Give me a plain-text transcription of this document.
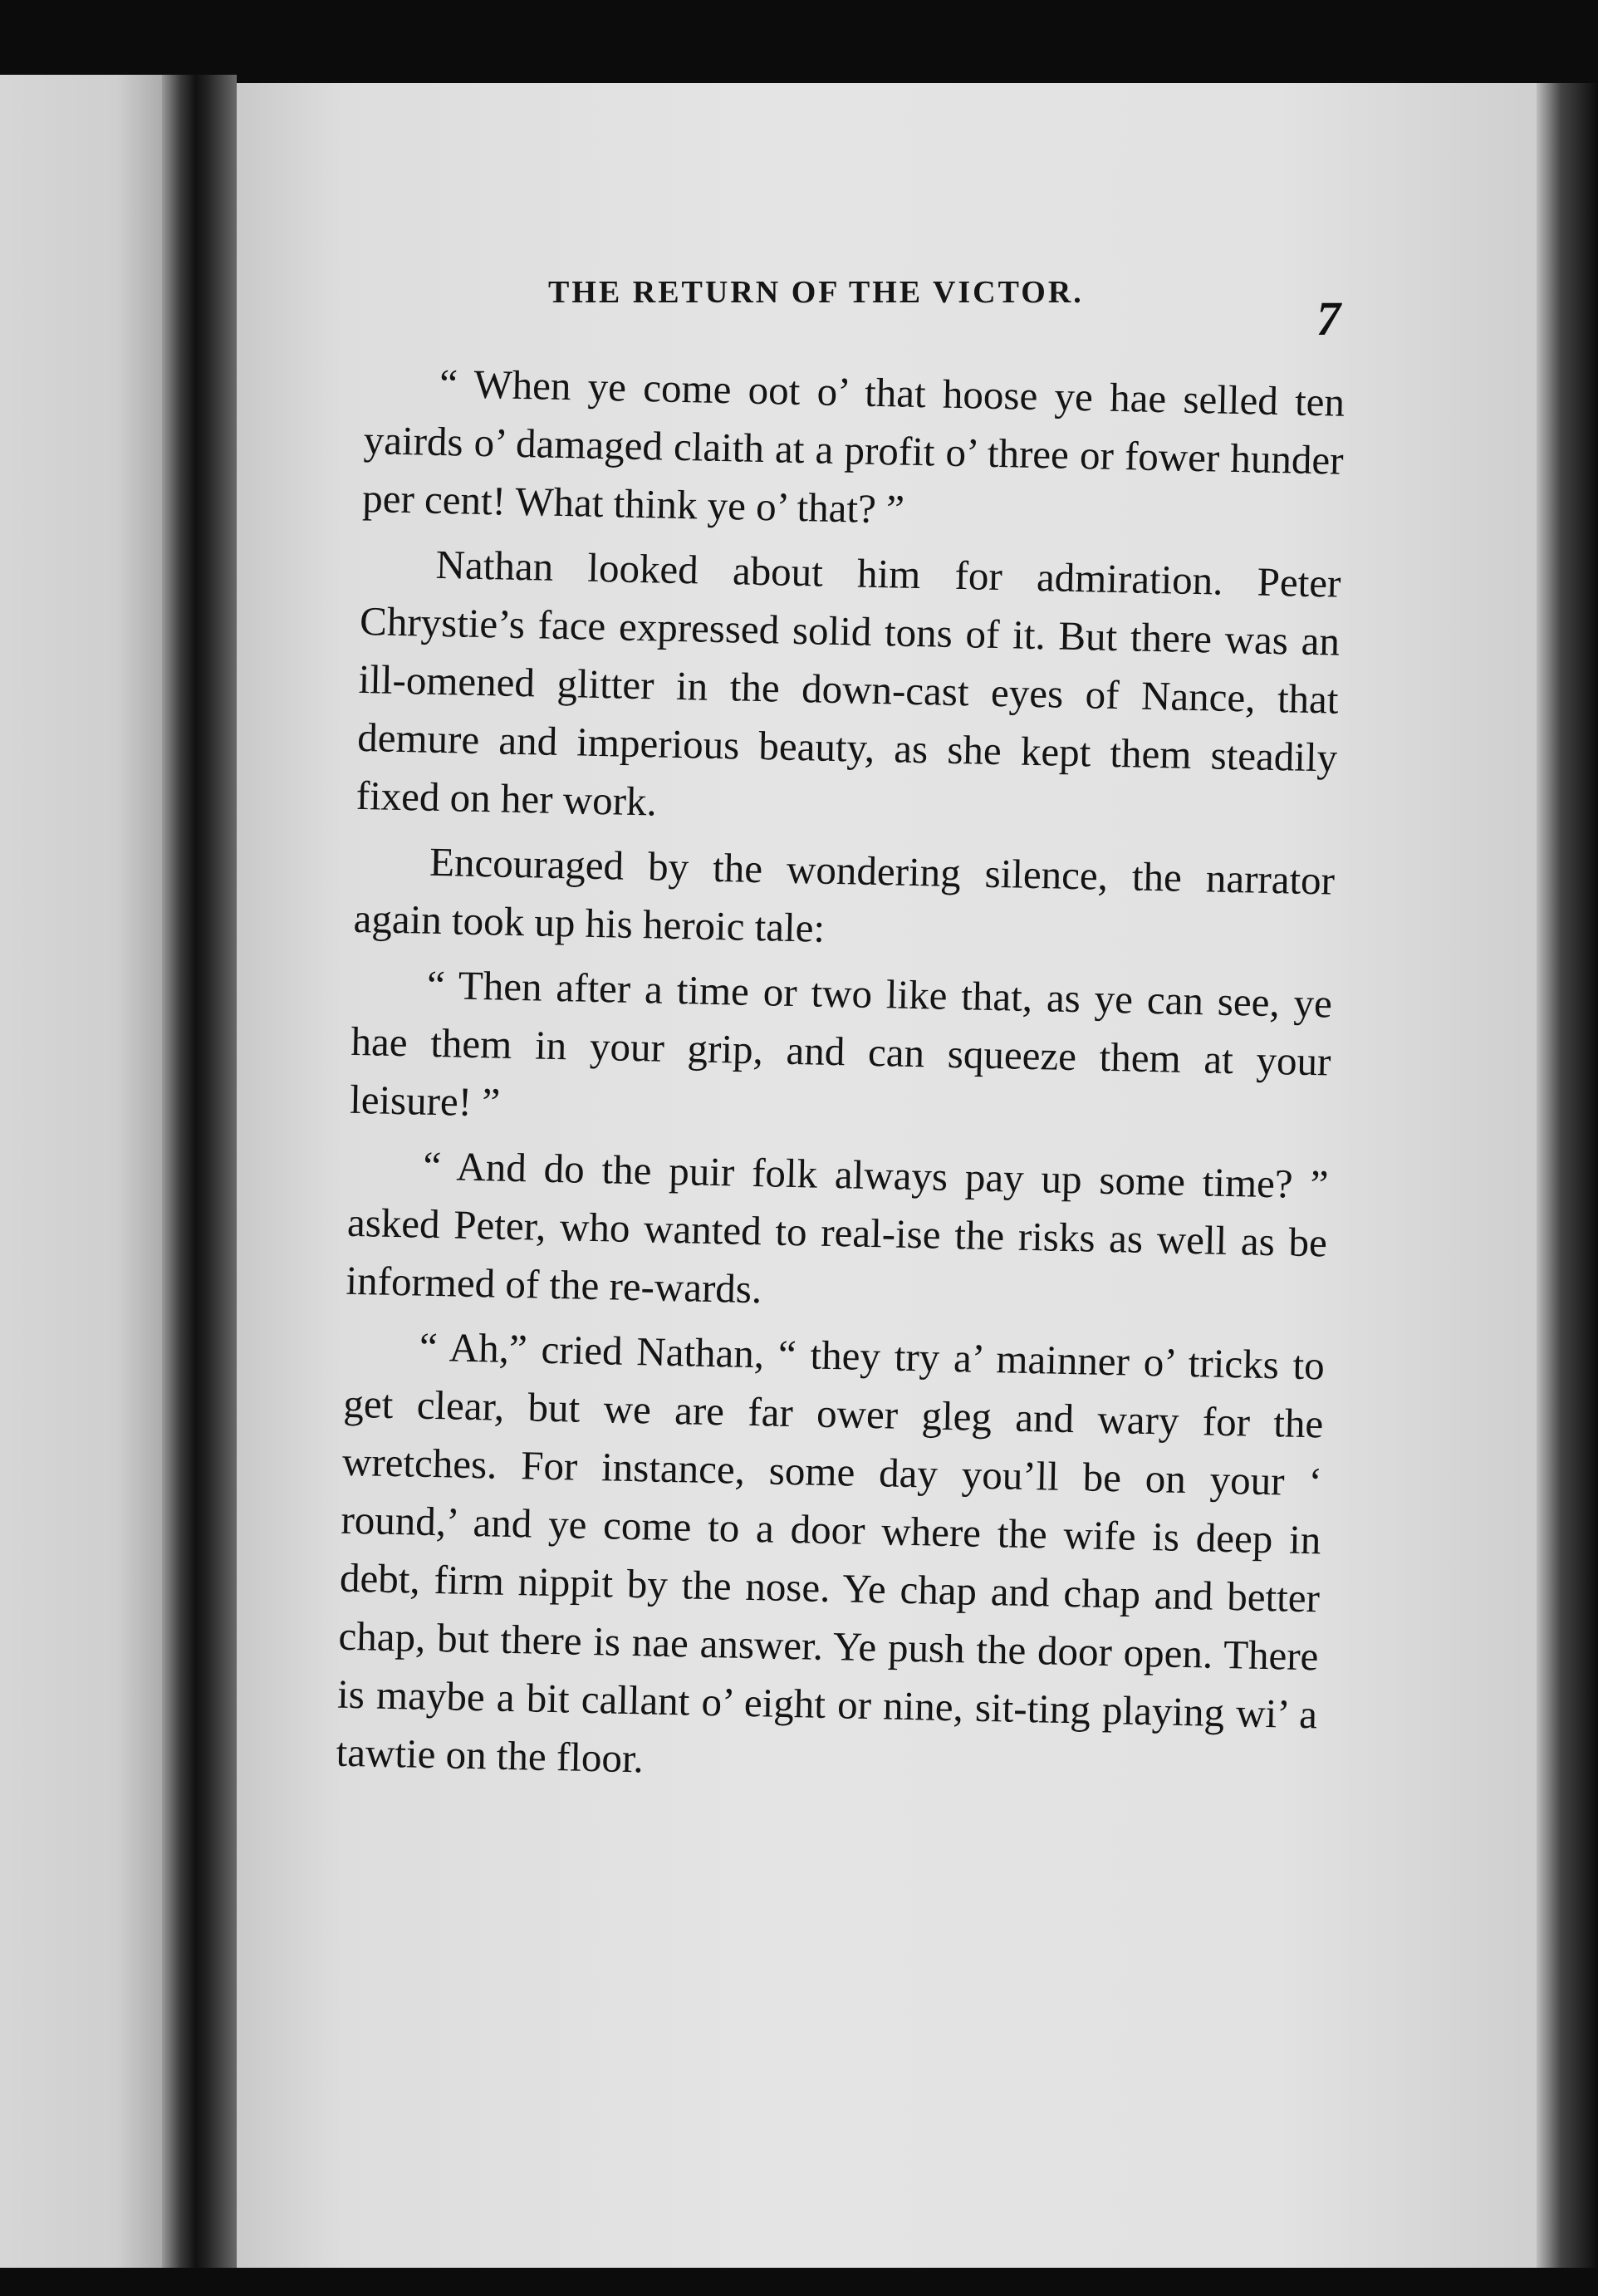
THE RETURN OF THE VICTOR.	7

“ When ye come oot o’ that hoose ye hae selled ten yairds o’ damaged claith at a profit o’ three or fower hunder per cent! What think ye o’ that? ”

Nathan looked about him for admiration. Peter Chrystie’s face expressed solid tons of it. But there was an ill-omened glitter in the down-cast eyes of Nance, that demure and imperious beauty, as she kept them steadily fixed on her work.

Encouraged by the wondering silence, the narrator again took up his heroic tale:

“ Then after a time or two like that, as ye can see, ye hae them in your grip, and can squeeze them at your leisure! ”

“ And do the puir folk always pay up some time? ” asked Peter, who wanted to real-ise the risks as well as be informed of the re-wards.

“ Ah,” cried Nathan, “ they try a’ mainner o’ tricks to get clear, but we are far ower gleg and wary for the wretches. For instance, some day you’ll be on your ‘ round,’ and ye come to a door where the wife is deep in debt, firm nippit by the nose. Ye chap and chap and better chap, but there is nae answer. Ye push the door open. There is maybe a bit callant o’ eight or nine, sit-ting playing wi’ a tawtie on the floor.
